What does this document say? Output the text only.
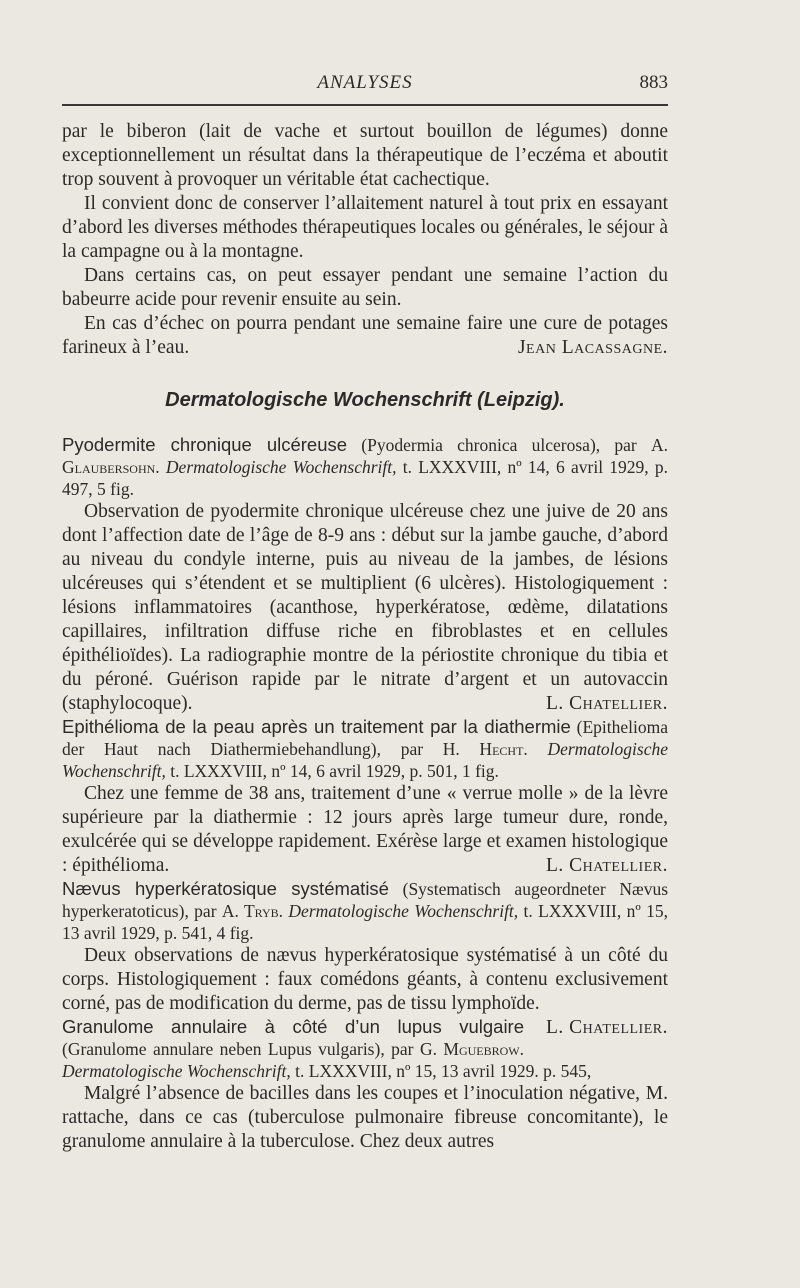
ANALYSES	883

par le biberon (lait de vache et surtout bouillon de légumes) donne exceptionnellement un résultat dans la thérapeutique de l’eczéma et aboutit trop souvent à provoquer un véritable état cachectique.

Il convient donc de conserver l’allaitement naturel à tout prix en essayant d’abord les diverses méthodes thérapeutiques locales ou générales, le séjour à la campagne ou à la montagne.

Dans certains cas, on peut essayer pendant une semaine l’action du babeurre acide pour revenir ensuite au sein.

En cas d’échec on pourra pendant une semaine faire une cure de potages farineux à l’eau.	Jean Lacassagne.

Dermatologische Wochenschrift (Leipzig).

Pyodermite chronique ulcéreuse (Pyodermia chronica ulcerosa), par A. Glaubersohn. Dermatologische Wochenschrift, t. LXXXVIII, nº 14, 6 avril 1929, p. 497, 5 fig.

Observation de pyodermite chronique ulcéreuse chez une juive de 20 ans dont l’affection date de l’âge de 8-9 ans : début sur la jambe gauche, d’abord au niveau du condyle interne, puis au niveau de la jambes, de lésions ulcéreuses qui s’étendent et se multiplient (6 ulcères). Histologiquement : lésions inflammatoires (acanthose, hyperkératose, œdème, dilatations capillaires, infiltration diffuse riche en fibroblastes et en cellules épithélioïdes). La radiographie montre de la périostite chronique du tibia et du péroné. Guérison rapide par le nitrate d’argent et un autovaccin (staphylocoque).	L. Chatellier.

Epithélioma de la peau après un traitement par la diathermie (Epithelioma der Haut nach Diathermiebehandlung), par H. Hecht. Dermatologische Wochenschrift, t. LXXXVIII, nº 14, 6 avril 1929, p. 501, 1 fig.

Chez une femme de 38 ans, traitement d’une « verrue molle » de la lèvre supérieure par la diathermie : 12 jours après large tumeur dure, ronde, exulcérée qui se développe rapidement. Exérèse large et examen histologique : épithélioma.	L. Chatellier.

Nævus hyperkératosique systématisé (Systematisch augeordneter Nævus hyperkeratoticus), par A. Tryb. Dermatologische Wochenschrift, t. LXXXVIII, nº 15, 13 avril 1929, p. 541, 4 fig.

Deux observations de nævus hyperkératosique systématisé à un côté du corps. Histologiquement : faux comédons géants, à contenu exclusivement corné, pas de modification du derme, pas de tissu lymphoïde.
L. Chatellier.

Granulome annulaire à côté d’un lupus vulgaire (Granulome annulare neben Lupus vulgaris), par G. Mguebrow. Dermatologische Wochenschrift, t. LXXXVIII, nº 15, 13 avril 1929. p. 545,

Malgré l’absence de bacilles dans les coupes et l’inoculation négative, M. rattache, dans ce cas (tuberculose pulmonaire fibreuse concomitante), le granulome annulaire à la tuberculose. Chez deux autres
